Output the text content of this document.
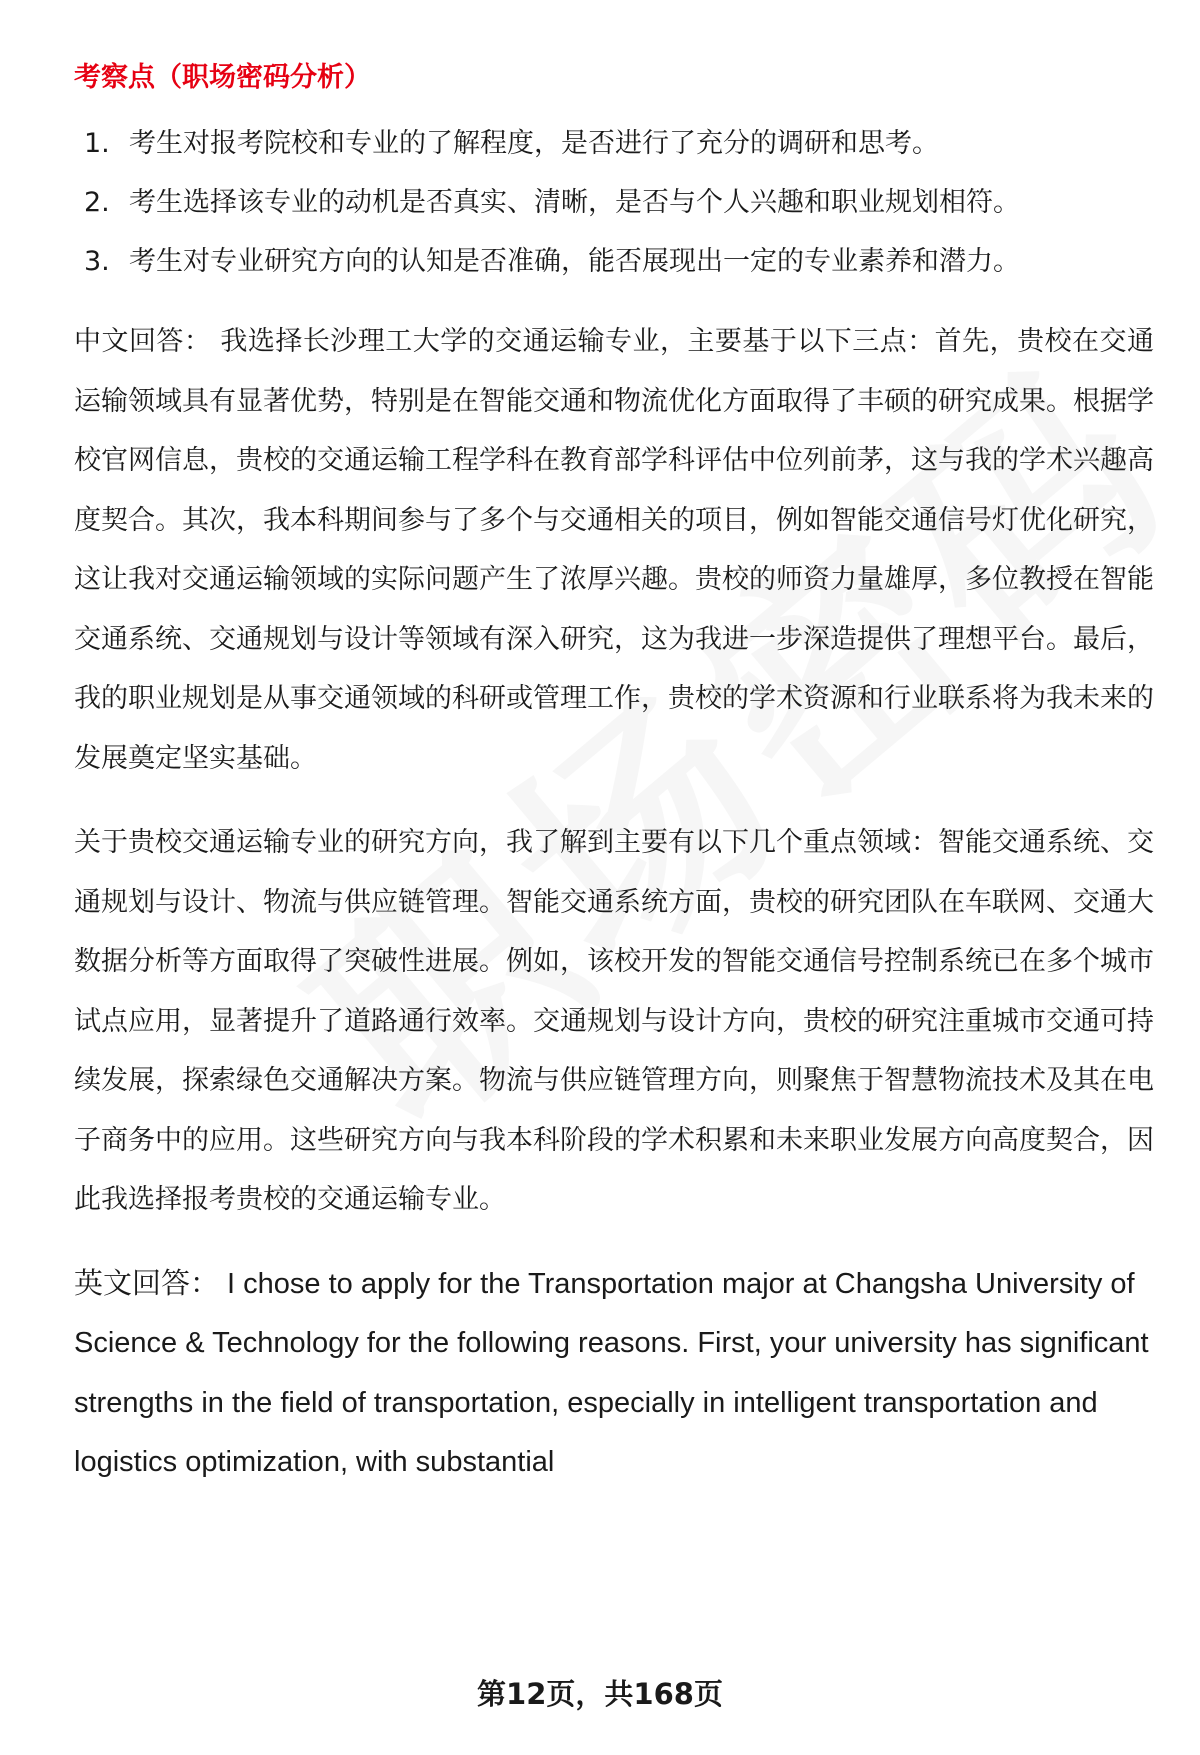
考察点（职场密码分析）
1. 考生对报考院校和专业的了解程度，是否进行了充分的调研和思考。
2. 考生选择该专业的动机是否真实、清晰，是否与个人兴趣和职业规划相符。
3. 考生对专业研究方向的认知是否准确，能否展现出一定的专业素养和潜力。

中文回答： 我选择长沙理工大学的交通运输专业，主要基于以下三点：首先，贵校在交通运输领域具有显著优势，特别是在智能交通和物流优化方面取得了丰硕的研究成果。根据学校官网信息，贵校的交通运输工程学科在教育部学科评估中位列前茅，这与我的学术兴趣高度契合。其次，我本科期间参与了多个与交通相关的项目，例如智能交通信号灯优化研究，这让我对交通运输领域的实际问题产生了浓厚兴趣。贵校的师资力量雄厚，多位教授在智能交通系统、交通规划与设计等领域有深入研究，这为我进一步深造提供了理想平台。最后，我的职业规划是从事交通领域的科研或管理工作，贵校的学术资源和行业联系将为我未来的发展奠定坚实基础。

关于贵校交通运输专业的研究方向，我了解到主要有以下几个重点领域：智能交通系统、交通规划与设计、物流与供应链管理。智能交通系统方面，贵校的研究团队在车联网、交通大数据分析等方面取得了突破性进展。例如，该校开发的智能交通信号控制系统已在多个城市试点应用，显著提升了道路通行效率。交通规划与设计方向，贵校的研究注重城市交通可持续发展，探索绿色交通解决方案。物流与供应链管理方向，则聚焦于智慧物流技术及其在电子商务中的应用。这些研究方向与我本科阶段的学术积累和未来职业发展方向高度契合，因此我选择报考贵校的交通运输专业。

英文回答： I chose to apply for the Transportation major at Changsha University of Science & Technology for the following reasons. First, your university has significant strengths in the field of transportation, especially in intelligent transportation and logistics optimization, with substantial

第12页，共168页
